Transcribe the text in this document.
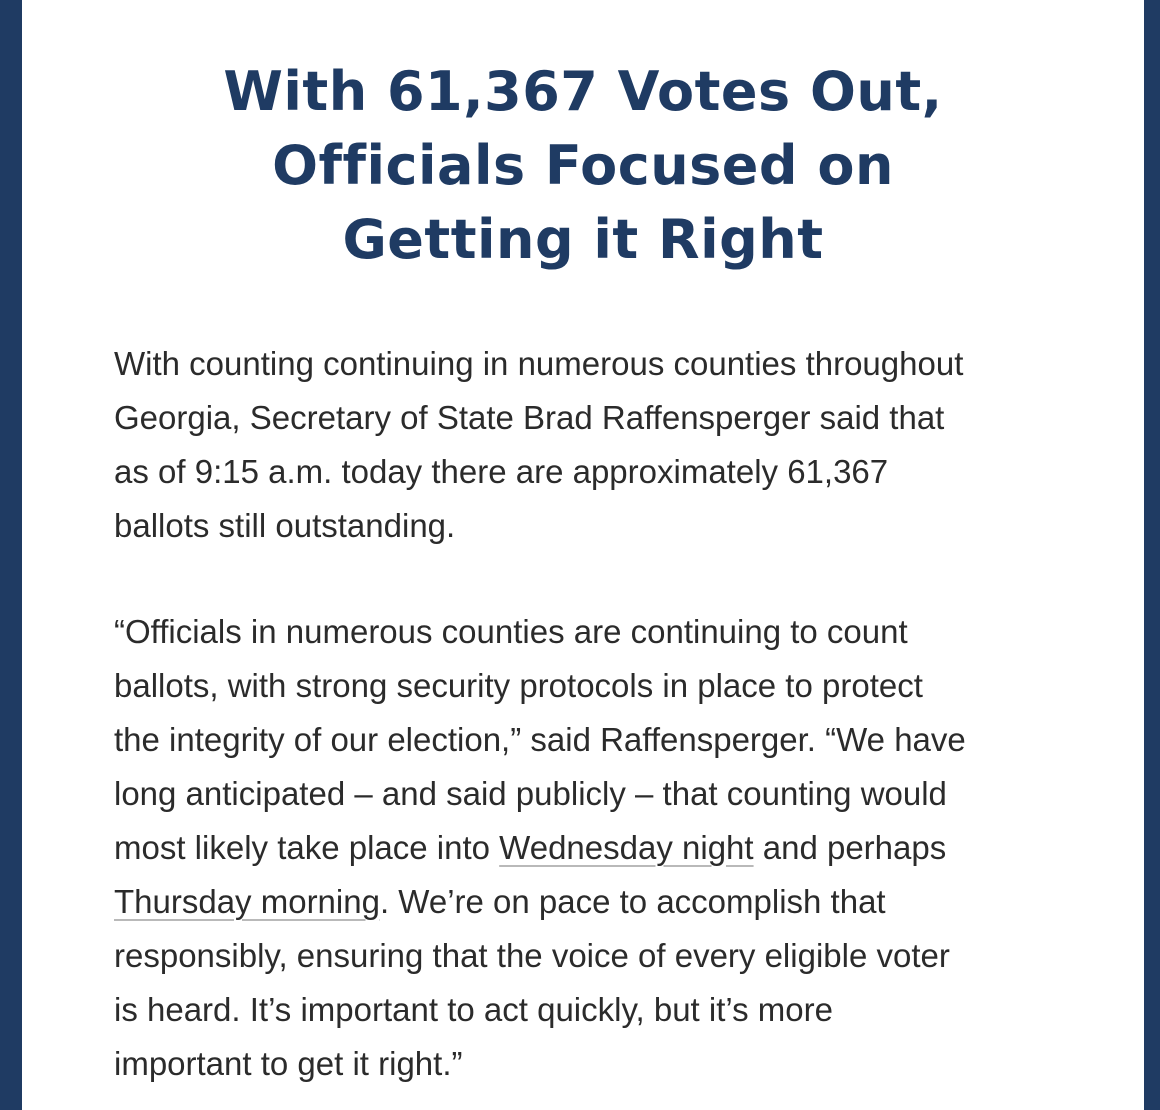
With 61,367 Votes Out,
Officials Focused on
Getting it Right

With counting continuing in numerous counties throughout
Georgia, Secretary of State Brad Raffensperger said that
as of 9:15 a.m. today there are approximately 61,367
ballots still outstanding.

“Officials in numerous counties are continuing to count
ballots, with strong security protocols in place to protect
the integrity of our election,” said Raffensperger. “We have
long anticipated – and said publicly – that counting would
most likely take place into Wednesday night and perhaps
Thursday morning. We’re on pace to accomplish that
responsibly, ensuring that the voice of every eligible voter
is heard. It’s important to act quickly, but it’s more
important to get it right.”
